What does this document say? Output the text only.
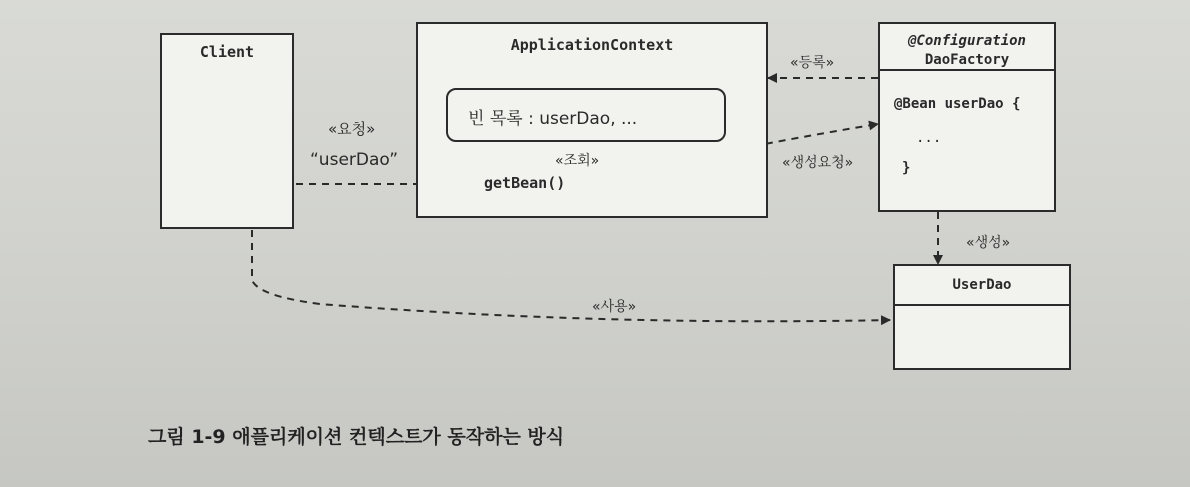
Client	ApplicationContext
빈 목록 : userDao, ...
getBean()
@Configuration
DaoFactory
@Bean userDao {
...
}
UserDao
«요청»
“userDao”	«조회»
«등록»
«생성요청»
«생성»
«사용»
그림 1-9 애플리케이션 컨텍스트가 동작하는 방식
